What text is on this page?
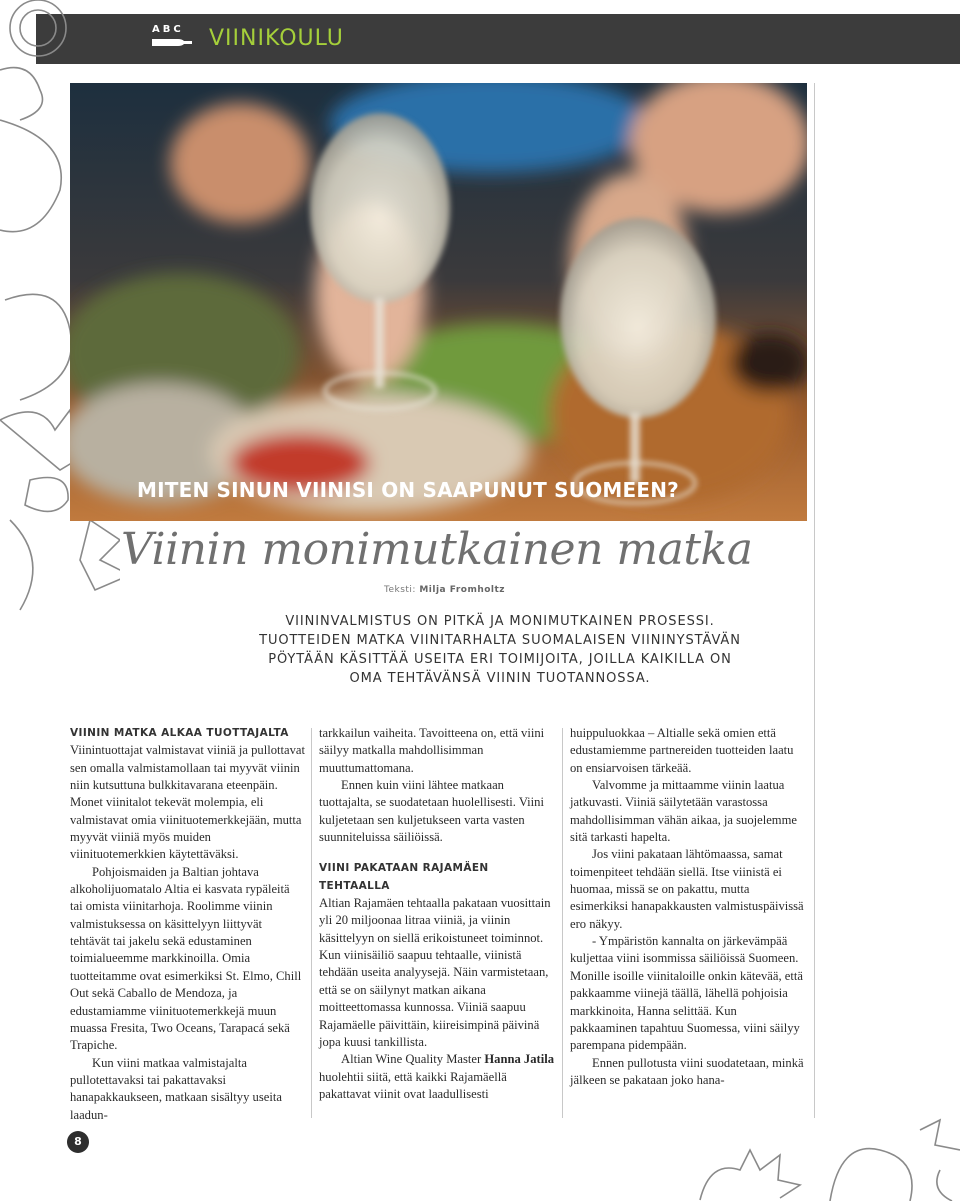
ABC VIINIKOULU
MITEN SINUN VIINISI ON SAAPUNUT SUOMEEN?
Viinin monimutkainen matka
Teksti: Milja Fromholtz
VIININVALMISTUS ON PITKÄ JA MONIMUTKAINEN PROSESSI.
TUOTTEIDEN MATKA VIINITARHALTA SUOMALAISEN VIININYSTÄVÄN
PÖYTÄÄN KÄSITTÄÄ USEITA ERI TOIMIJOITA, JOILLA KAIKILLA ON
OMA TEHTÄVÄNSÄ VIININ TUOTANNOSSA.

VIININ MATKA ALKAA TUOTTAJALTA

Viinintuottajat valmistavat viiniä ja pullottavat sen omalla valmistamollaan tai myyvät viinin niin kutsuttuna bulkkitavarana eteenpäin. Monet viinitalot tekevät molempia, eli valmistavat omia viinituotemerkkejään, mutta myyvät viiniä myös muiden viinituotemerkkien käytettäväksi.

Pohjoismaiden ja Baltian johtava alkoholijuomatalo Altia ei kasvata rypäleitä tai omista viinitarhoja. Roolimme viinin valmistuksessa on käsittelyyn liittyvät tehtävät tai jakelu sekä edustaminen toimialueemme markkinoilla. Omia tuotteitamme ovat esimerkiksi St. Elmo, Chill Out sekä Caballo de Mendoza, ja edustamiamme viinituotemerkkejä muun muassa Fresita, Two Oceans, Tarapacá sekä Trapiche.

Kun viini matkaa valmistajalta pullotettavaksi tai pakattavaksi hanapakkaukseen, matkaan sisältyy useita laadun-

tarkkailun vaiheita. Tavoitteena on, että viini säilyy matkalla mahdollisimman muuttumattomana.

Ennen kuin viini lähtee matkaan tuottajalta, se suodatetaan huolellisesti. Viini kuljetetaan sen kuljetukseen varta vasten suunniteluissa säiliöissä.

VIINI PAKATAAN RAJAMÄEN TEHTAALLA

Altian Rajamäen tehtaalla pakataan vuosittain yli 20 miljoonaa litraa viiniä, ja viinin käsittelyyn on siellä erikoistuneet toiminnot. Kun viinisäiliö saapuu tehtaalle, viinistä tehdään useita analyysejä. Näin varmistetaan, että se on säilynyt matkan aikana moitteettomassa kunnossa. Viiniä saapuu Rajamäelle päivittäin, kiireisimpinä päivinä jopa kuusi tankillista.

Altian Wine Quality Master Hanna Jatila huolehtii siitä, että kaikki Rajamäellä pakattavat viinit ovat laadullisesti

huippuluokkaa – Altialle sekä omien että edustamiemme partnereiden tuotteiden laatu on ensiarvoisen tärkeää.

Valvomme ja mittaamme viinin laatua jatkuvasti. Viiniä säilytetään varastossa mahdollisimman vähän aikaa, ja suojelemme sitä tarkasti hapelta.

Jos viini pakataan lähtömaassa, samat toimenpiteet tehdään siellä. Itse viinistä ei huomaa, missä se on pakattu, mutta esimerkiksi hanapakkausten valmistuspäivissä ero näkyy.

- Ympäristön kannalta on järkevämpää kuljettaa viini isommissa säiliöissä Suomeen. Monille isoille viinitaloille onkin kätevää, että pakkaamme viinejä täällä, lähellä pohjoisia markkinoita, Hanna selittää. Kun pakkaaminen tapahtuu Suomessa, viini säilyy parempana pidempään.

Ennen pullotusta viini suodatetaan, minkä jälkeen se pakataan joko hana-

8
